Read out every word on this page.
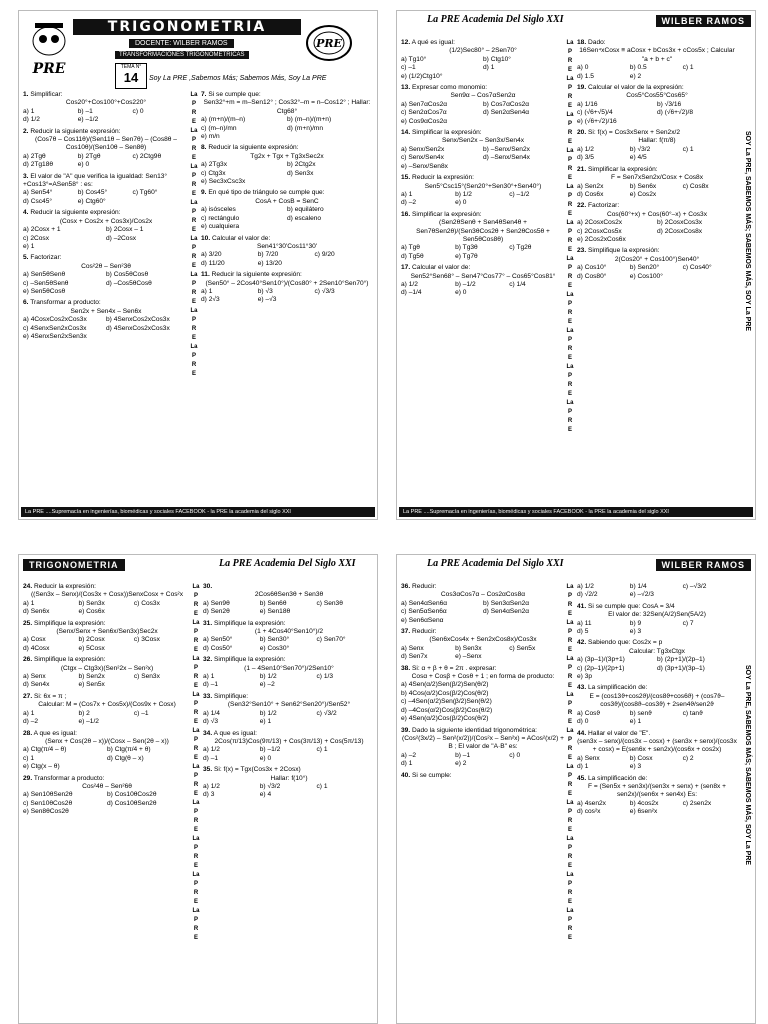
PRE
TRIGONOMETRIA
DOCENTE: WILBER RAMOS
TRANSFORMACIONES TRIGONOMETRICAS
TEMA N°
14	Soy La PRE ,Sabemos Más; Sabemos Más, Soy La PRE
PRE
1. Simplificar:
Cos20°+Cos100°+Cos220°
a) 1	b) –1	c) 0
d) 1/2	e) –1/2
2. Reducir la siguiente expresión:
(Cos7θ – Cos11θ)/(Sen11θ – Sen7θ) – (Cos8θ – Cos10θ)/(Sen10θ – Sen8θ)
a) 2Tgθ	b) 2Tgθ	c) 2Ctg9θ
d) 2Tg18θ	e) 0
3. El valor de "A" que verifica la igualdad: Sen13°+Cos13°=ASen58° : es:
a) Sen54°	b) Cos45°	c) Tg60°
d) Csc45°	e) Ctg60°
4. Reducir la siguiente expresión:
(Cosx + Cos2x + Cos3x)/Cos2x
a) 2Cosx + 1	b) 2Cosx – 1
c) 2Cosx	d) –2Cosx
e) 1
5. Factorizar:
Cos²2θ – Sen²3θ
a) Sen5θSenθ	b) Cos5θCosθ
c) –Sen5θSenθ	d) –Cos5θCosθ
e) Sen5θCosθ
6. Transformar a producto:
Sen2x + Sen4x – Sen6x
a) 4CosxCos2xCos3x	b) 4SenxCos2xCos3x
c) 4SenxSen2xCos3x	d) 4SenxCos2xCos3x
e) 4SenxSen2xSen3x
La
P
R
E
La
P
R
E
La
P
R
E
La
P
R
E
La
P
R
E
La
P
R
E
La
P
R
E
La
P
R
E
7. Si se cumple que:
Sen32°+m = m–Sen12° ; Cos32°–m = n–Cos12° ; Hallar: Ctg68°
a) (m+n)/(m–n)	b) (m–n)/(m+n)
c) (m–n)/mn	d) (m+n)/mn
e) m/n
8. Reducir la siguiente expresión:
Tg2x + Tgx + Tg3xSec2x
a) 2Tg3x	b) 2Ctg2x
c) Ctg3x	d) Sen3x
e) Sec3xCsc3x
9. En qué tipo de triángulo se cumple que:
CosA + CosB = SenC
a) isósceles	b) equilátero
c) rectángulo	d) escaleno
e) cualquiera
10. Calcular el valor de:
Sen41°30'Cos11°30'
a) 3/20	b) 7/20	c) 9/20
d) 11/20	e) 13/20
11. Reducir la siguiente expresión:
(Sen50° – 2Cos40°Sen10°)/(Cos80° + 2Sen10°Sen70°)
a) 1	b) √3	c) √3/3
d) 2√3	e) –√3
La PRE ....Supremacía en ingenierías, biomédicas y sociales FACEBOOK - la PRE la academia del siglo XXI
La PRE Academia Del Siglo XXI	WILBER RAMOS
12. A qué es igual:
(1/2)Sec80° – 2Sen70°
a) Tg10°	b) Ctg10°
c) –1	d) 1
e) (1/2)Ctg10°
13. Expresar como monomio:
Sen9α – Cos7αSen2α
a) Sen7αCos2α	b) Cos7αCos2α
c) Sen2αCos7α	d) Sen2αSen4α
e) Cos9αCos2α
14. Simplificar la expresión:
Senx/Sen2x – Sen3x/Sen4x
a) Senx/Sen2x	b) –Senx/Sen2x
c) Senx/Sen4x	d) –Senx/Sen4x
e) –Senx/Sen8x
15. Reducir la expresión:
Sen5°Csc15°(Sen20°+Sen30°+Sen40°)
a) 1	b) 1/2	c) –1/2
d) –2	e) 0
16. Simplificar la expresión:
(Sen2θSenθ + Sen4θSen4θ + Sen7θSen2θ)/(Sen3θCos2θ + Sen2θCos5θ + Sen5θCos8θ)
a) Tgθ	b) Tg3θ	c) Tg2θ
d) Tg5θ	e) Tg7θ
17. Calcular el valor de:
Sen52°Sen68° – Sen47°Cos77° – Cos65°Cos81°
a) 1/2	b) –1/2	c) 1/4
d) –1/4	e) 0
La
P
R
E
La
P
R
E
La
P
R
E
La
P
R
E
La
P
R
E
La
P
R
E
La
P
R
E
La
P
R
E
La
P
R
E
La
P
R
E
La
P
R
E
18. Dado:
16Sen⁴xCosx ≡ aCosx + bCos3x + cCos5x ; Calcular "a + b + c"
a) 0	b) 0.5	c) 1
d) 1.5	e) 2
19. Calcular el valor de la expresión:
Cos5°Cos55°Cos65°
a) 1/16	b) √3/16
c) (√6+√5)/4	d) (√6+√2)/8
e) (√6+√2)/16
20. Si: f(x) = Cos3xSenx + Sen2x/2
Hallar: f(π/8)
a) 1/2	b) √3/2	c) 1
d) 3/5	e) 4/5
21. Simplificar la expresión:
F = Sen7xSen2x/Cosx + Cos8x
a) Sen2x	b) Sen6x	c) Cos8x
d) Cos6x	e) Cos2x
22. Factorizar:
Cos(60°+x) + Cos(60°–x) + Cos3x
a) 2CosxCos2x	b) 2CosxCos3x
c) 2CosxCos5x	d) 2CosxCos8x
e) 2Cos2xCos6x
23. Simplifique la expresión:
2(Cos20° + Cos100°)Sen40°
a) Cos10°	b) Sen20°	c) Cos40°
d) Cos80°	e) Cos100°	SOY La PRE, SABEMOS MÁS; SABEMOS MÁS, SOY La PRE
La PRE ....Supremacía en ingenierías, biomédicas y sociales FACEBOOK - la PRE la academia del siglo XXI
TRIGONOMETRIA	La PRE Academia Del Siglo XXI
24. Reducir la expresión:
((Sen3x – Senx)/(Cos3x + Cosx))SenxCosx + Cos²x
a) 1	b) Sen3x	c) Cos3x
d) Sen6x	e) Cos6x
25. Simplifique la expresión:
(Senx/Senx + Sen6x/Sen3x)Sec2x
a) Cosx	b) 2Cosx	c) 3Cosx
d) 4Cosx	e) 5Cosx
26. Simplifique la expresión:
(Ctgx – Ctg3x)(Sen²2x – Sen²x)
a) Senx	b) Sen2x	c) Sen3x
d) Sen4x	e) Sen5x
27. Si: 6x = π ;
Calcular: M = (Cos7x + Cos5x)/(Cos9x + Cosx)
a) 1	b) 2	c) –1
d) –2	e) –1/2
28. A que es igual:
(Senx + Cos(2θ – x))/(Cosx – Sen(2θ – x))
a) Ctg(π/4 – θ)	b) Ctg(π/4 + θ)
c) 1	d) Ctg(θ – x)
e) Ctg(x – θ)
29. Transformar a producto:
Cos²4θ – Sen²6θ
a) Sen10θSen2θ	b) Cos10θCos2θ
c) Sen10θCos2θ	d) Cos10θSen2θ
e) Sen8θCos2θ
La
P
R
E
La
P
R
E
La
P
R
E
La
P
R
E
La
P
R
E
La
P
R
E
La
P
R
E
La
P
R
E
La
P
R
E
La
P
R
E
30.
2Cos6θSen3θ + Sen3θ
a) Sen9θ	b) Sen6θ	c) Sen3θ
d) Sen2θ	e) Sen18θ
31. Simplifique la expresión:
(1 + 4Cos40°Sen10°)/2
a) Sen50°	b) Sen30°	c) Sen70°
d) Cos50°	e) Cos30°
32. Simplifique la expresión:
(1 – 4Sen10°Sen70°)/2Sen10°
a) 1	b) 1/2	c) 1/3
d) –1	e) –2
33. Simplifique:
(Sen32°Sen10° + Sen62°Sen20°)/Sen52°
a) 1/4	b) 1/2	c) √3/2
d) √3	e) 1
34. A que es igual:
2Cos(π/13)Cos(9π/13) + Cos(3π/13) + Cos(5π/13)
a) 1/2	b) –1/2	c) 1
d) –1	e) 0
35. Si: f(x) = Tgx(Cos3x + 2Cosx)
Hallar: f(10°)
a) 1/2	b) √3/2	c) 1
d) 3	e) 4
La PRE Academia Del Siglo XXI	WILBER RAMOS
36. Reducir:
Cos3αCos7α – Cos2αCos8α
a) Sen4αSen6α	b) Sen3αSen2α
c) Sen5αSen6α	d) Sen4αSen2α
e) Sen6αSenα
37. Reducir:
(Sen6xCos4x + Sen2xCos8x)/Cos3x
a) Senx	b) Sen3x	c) Sen5x
d) Sen7x	e) –Senx
38. Si: α + β + θ = 2π . expresar:
Cosα + Cosβ + Cosθ + 1 ; en forma de producto:
a) 4Sen(α/2)Sen(β/2)Sen(θ/2)
b) 4Cos(α/2)Cos(β/2)Cos(θ/2)
c) –4Sen(α/2)Sen(β/2)Sen(θ/2)
d) –4Cos(α/2)Cos(β/2)Cos(θ/2)
e) 4Sen(α/2)Cos(β/2)Cos(θ/2)
39. Dado la siguiente identidad trigonométrica:
(Cos²(3x/2) – Sen²(x/2))/(Cos²x – Sen²x) = ACos²(x/2) + B ; El valor de "A·B" es:
a) –2	b) –1	c) 0
d) 1	e) 2
40. Si se cumple:
La
P
R
E
La
P
R
E
La
P
R
E
La
P
R
E
La
P
R
E
La
P
R
E
La
P
R
E
La
P
R
E
La
P
R
E
La
P
R
E
a) 1/2	b) 1/4	c) –√3/2
d) √2/2	e) –√2/3
41. Si se cumple que: CosA = 3/4
El valor de: 32Sen(A/2)Sen(5A/2)
a) 11	b) 9	c) 7
d) 5	e) 3
42. Sabiendo que: Cos2x = p
Calcular: Tg3xCtgx
a) (3p–1)/(3p+1)	b) (2p+1)/(2p–1)
c) (2p–1)/(2p+1)	d) (3p+1)/(3p–1)
e) 3p
43. La simplificación de:
E = (cos13ϑ+cos2ϑ)/(cos8ϑ+cos6ϑ) + (cos7ϑ–cos3ϑ)/(cos8ϑ–cos3ϑ) + 2sen4ϑ/sen2ϑ
a) Cosϑ	b) senϑ	c) tanϑ
d) 0	e) 1
44. Hallar el valor de "E".
(sen3x – senx)/(cos3x – cosx) + (sen3x + senx)/(cos3x + cosx) = E(sen6x + sen2x)/(cos6x + cos2x)
a) Senx	b) Cosx	c) 2
d) 1	e) 3
45. La simplificación de:
F = (Sen5x + sen3x)/(sen3x + senx) + (sen8x + sen2x)/(sen6x + sen4x) Es:
a) 4sen2x	b) 4cos2x	c) 2sen2x
d) cos²x	e) 6sen²x	SOY La PRE, SABEMOS MÁS; SABEMOS MÁS, SOY La PRE
